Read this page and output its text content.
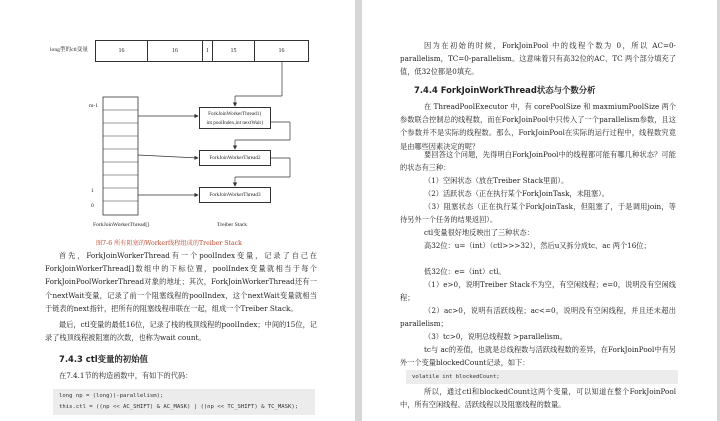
long型的ctl变量	16	16	1	15	16
m-1
1
0
ForkJoinWorkerThread1{
int poolIndex,int nextWait}
ForkJoinWorkerThread2
ForkJoinWorkerThread3
ForkJoinWorkerThread[]	Treiber Stack
图7-6 所有阻塞的Worker线程组成的Treiber Stack
首先，ForkJoinWorkerThread有一个poolIndex变量，记录了自己在ForkJoinWorkerThread[]数组中的下标位置，poolIndex变量就相当于每个ForkJoinPoolWorkerThread对象的地址；其次，ForkJoinWorkerThread还有一个nextWait变量，记录了前一个阻塞线程的poolIndex，这个nextWait变量就相当于链表的next指针，把所有的阻塞线程串联在一起，组成一个Treiber Stack。
最后，ctl变量的最低16位，记录了栈的栈顶线程的poolIndex；中间的15位，记录了栈顶线程被阻塞的次数，也称为wait count。
7.4.3 ctl变量的初始值
在7.4.1节的构造函数中，有如下的代码：
long np = (long)(-parallelism);
this.ctl = ((np << AC_SHIFT) & AC_MASK) | ((np << TC_SHIFT) & TC_MASK);
因为在初始的时候，ForkJoinPool 中的线程个数为 0，所以 AC=0-parallelism，TC=0-parallelism。这意味着只有高32位的AC、TC 两个部分填充了值，低32位都是0填充。
7.4.4 ForkJoinWorkThread状态与个数分析
在 ThreadPoolExecutor 中，有 corePoolSize 和 maxmiumPoolSize 两个参数联合控制总的线程数，而在ForkJoinPool中只传入了一个parallelism参数，且这个参数并不是实际的线程数。那么，ForkJoinPool在实际的运行过程中，线程数究竟是由哪些因素决定的呢？
要回答这个问题，先得明白ForkJoinPool中的线程都可能有哪几种状态？可能的状态有三种：
（1）空闲状态（放在Treiber Stack里面）。
（2）活跃状态（正在执行某个ForkJoinTask，未阻塞）。
（3）阻塞状态（正在执行某个ForkJoinTask，但阻塞了，于是调用join，等待另外一个任务的结果返回）。
ctl变量很好地反映出了三种状态：
高32位：u=（int）（ctl>>>32），然后u又拆分成tc、ac 两个16位；
低32位：e=（int）ctl。
（1）e>0，说明Treiber Stack不为空，有空闲线程；e=0，说明没有空闲线程；
（2）ac>0，说明有活跃线程；ac<=0，说明没有空闲线程，并且还未超出parallelism；
（3）tc>0，说明总线程数 >parallelism。
tc与 ac的差值，也就是总线程数与活跃线程数的差异，在ForkJoinPool中有另外一个变量blockedCount记录，如下：
volatile int blockedCount;
所以，通过ctl和blockedCount这两个变量，可以知道在整个ForkJoinPool中，所有空闲线程、活跃线程以及阻塞线程的数量。
